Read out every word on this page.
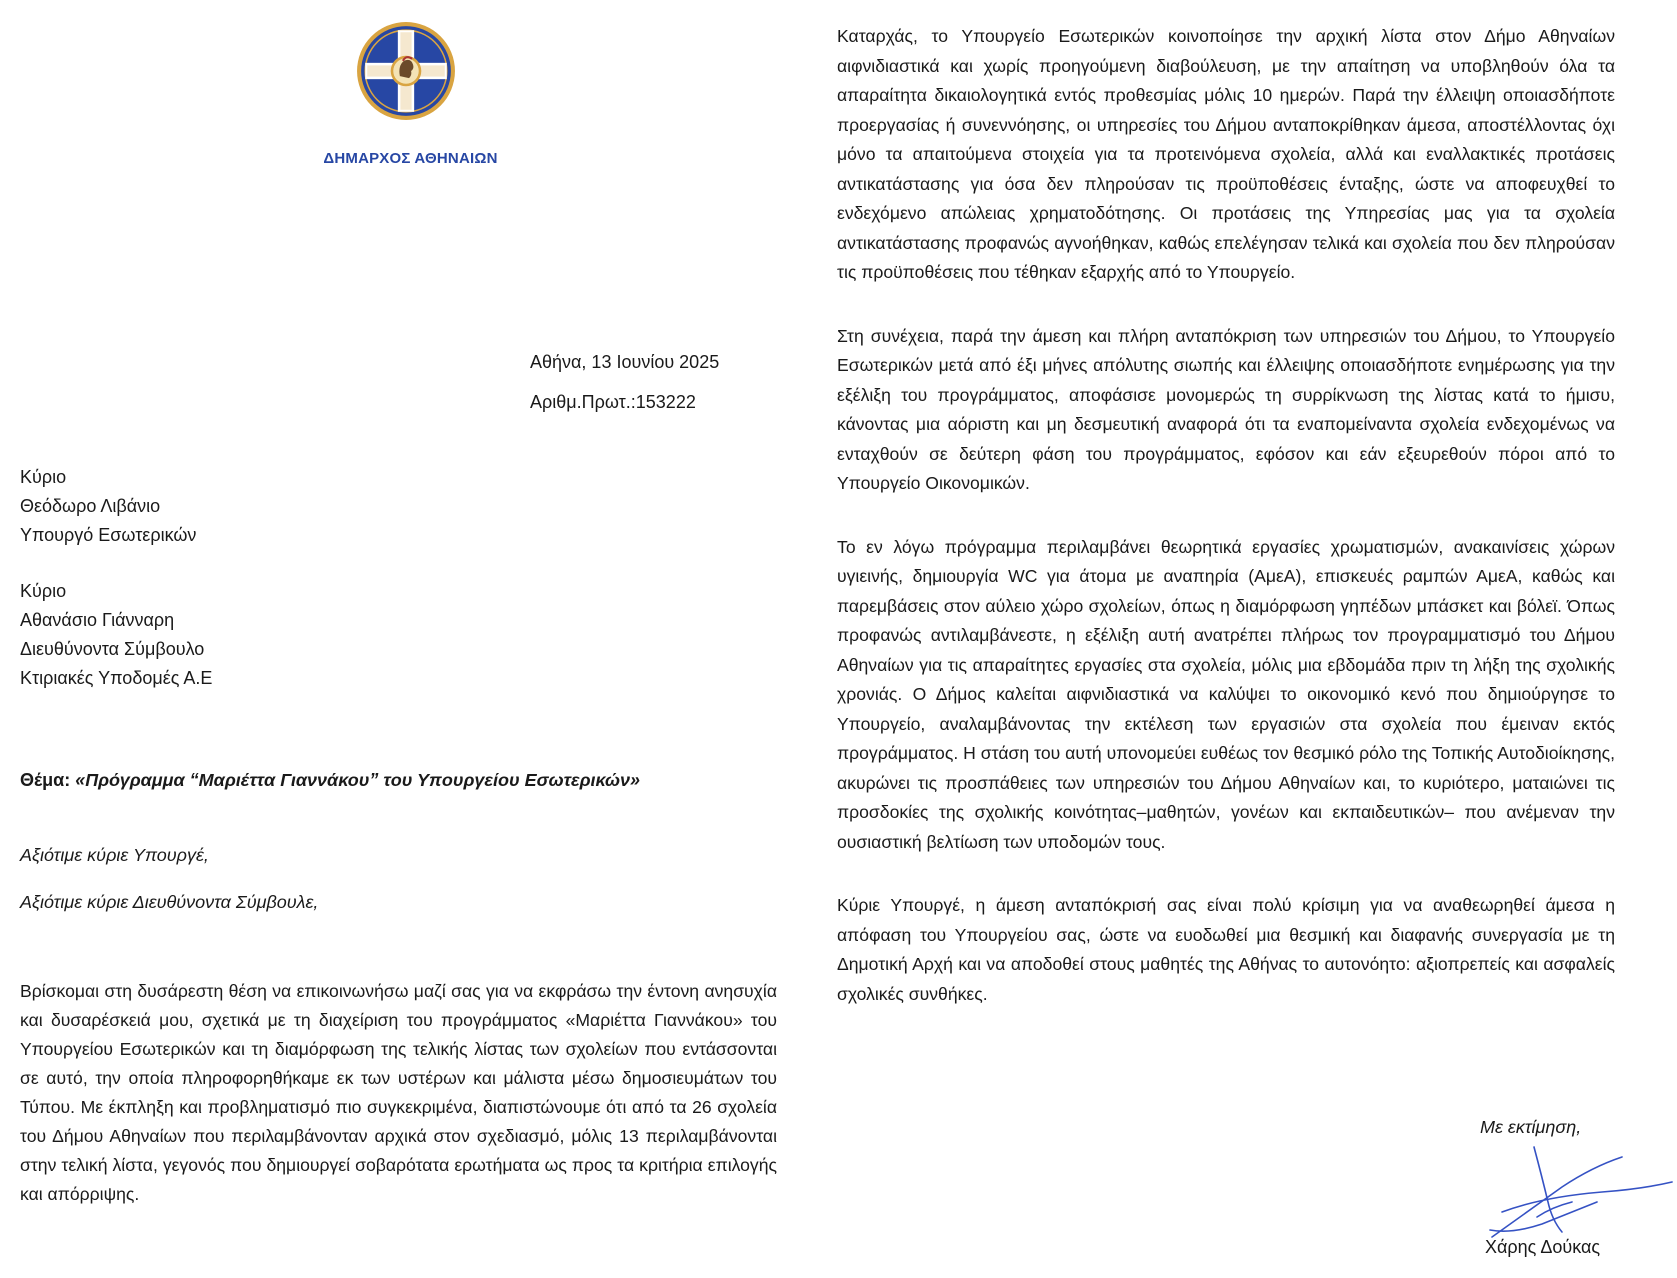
ΔΗΜΑΡΧΟΣ ΑΘΗΝΑΙΩΝ
Αθήνα, 13 Ιουνίου 2025
Αριθμ.Πρωτ.:153222
Κύριο
Θεόδωρο Λιβάνιο
Υπουργό Εσωτερικών
Κύριο
Αθανάσιο Γιάνναρη
Διευθύνοντα Σύμβουλο
Κτιριακές Υποδομές Α.Ε
Θέμα: «Πρόγραμμα “Μαριέττα Γιαννάκου” του Υπουργείου Εσωτερικών»
Αξιότιμε κύριε Υπουργέ,
Αξιότιμε κύριε Διευθύνοντα Σύμβουλε,
Βρίσκομαι στη δυσάρεστη θέση να επικοινωνήσω μαζί σας για να εκφράσω την έντονη ανησυχία και δυσαρέσκειά μου, σχετικά με τη διαχείριση του προγράμματος «Μαριέττα Γιαννάκου» του Υπουργείου Εσωτερικών και τη διαμόρφωση της τελικής λίστας των σχολείων που εντάσσονται σε αυτό, την οποία πληροφορηθήκαμε εκ των υστέρων και μάλιστα μέσω δημοσιευμάτων του Τύπου. Με έκπληξη και προβληματισμό πιο συγκεκριμένα, διαπιστώνουμε ότι από τα 26 σχολεία του Δήμου Αθηναίων που περιλαμβάνονταν αρχικά στον σχεδιασμό, μόλις 13 περιλαμβάνονται στην τελική λίστα, γεγονός που δημιουργεί σοβαρότατα ερωτήματα ως προς τα κριτήρια επιλογής και απόρριψης.

Καταρχάς, το Υπουργείο Εσωτερικών κοινοποίησε την αρχική λίστα στον Δήμο Αθηναίων αιφνιδιαστικά και χωρίς προηγούμενη διαβούλευση, με την απαίτηση να υποβληθούν όλα τα απαραίτητα δικαιολογητικά εντός προθεσμίας μόλις 10 ημερών. Παρά την έλλειψη οποιασδήποτε προεργασίας ή συνεννόησης, οι υπηρεσίες του Δήμου ανταποκρίθηκαν άμεσα, αποστέλλοντας όχι μόνο τα απαιτούμενα στοιχεία για τα προτεινόμενα σχολεία, αλλά και εναλλακτικές προτάσεις αντικατάστασης για όσα δεν πληρούσαν τις προϋποθέσεις ένταξης, ώστε να αποφευχθεί το ενδεχόμενο απώλειας χρηματοδότησης. Οι προτάσεις της Υπηρεσίας μας για τα σχολεία αντικατάστασης προφανώς αγνοήθηκαν, καθώς επελέγησαν τελικά και σχολεία που δεν πληρούσαν τις προϋποθέσεις που τέθηκαν εξαρχής από το Υπουργείο.

Στη συνέχεια, παρά την άμεση και πλήρη ανταπόκριση των υπηρεσιών του Δήμου, το Υπουργείο Εσωτερικών μετά από έξι μήνες απόλυτης σιωπής και έλλειψης οποιασδήποτε ενημέρωσης για την εξέλιξη του προγράμματος, αποφάσισε μονομερώς τη συρρίκνωση της λίστας κατά το ήμισυ, κάνοντας μια αόριστη και μη δεσμευτική αναφορά ότι τα εναπομείναντα σχολεία ενδεχομένως να ενταχθούν σε δεύτερη φάση του προγράμματος, εφόσον και εάν εξευρεθούν πόροι από το Υπουργείο Οικονομικών.

Το εν λόγω πρόγραμμα περιλαμβάνει θεωρητικά εργασίες χρωματισμών, ανακαινίσεις χώρων υγιεινής, δημιουργία WC για άτομα με αναπηρία (ΑμεΑ), επισκευές ραμπών ΑμεΑ, καθώς και παρεμβάσεις στον αύλειο χώρο σχολείων, όπως η διαμόρφωση γηπέδων μπάσκετ και βόλεϊ. Όπως προφανώς αντιλαμβάνεστε, η εξέλιξη αυτή ανατρέπει πλήρως τον προγραμματισμό του Δήμου Αθηναίων για τις απαραίτητες εργασίες στα σχολεία, μόλις μια εβδομάδα πριν τη λήξη της σχολικής χρονιάς. Ο Δήμος καλείται αιφνιδιαστικά να καλύψει το οικονομικό κενό που δημιούργησε το Υπουργείο, αναλαμβάνοντας την εκτέλεση των εργασιών στα σχολεία που έμειναν εκτός προγράμματος. Η στάση του αυτή υπονομεύει ευθέως τον θεσμικό ρόλο της Τοπικής Αυτοδιοίκησης, ακυρώνει τις προσπάθειες των υπηρεσιών του Δήμου Αθηναίων και, το κυριότερο, ματαιώνει τις προσδοκίες της σχολικής κοινότητας–μαθητών, γονέων και εκπαιδευτικών– που ανέμεναν την ουσιαστική βελτίωση των υποδομών τους.

Κύριε Υπουργέ, η άμεση ανταπόκρισή σας είναι πολύ κρίσιμη για να αναθεωρηθεί άμεσα η απόφαση του Υπουργείου σας, ώστε να ευοδωθεί μια θεσμική και διαφανής συνεργασία με τη Δημοτική Αρχή και να αποδοθεί στους μαθητές της Αθήνας το αυτονόητο: αξιοπρεπείς και ασφαλείς σχολικές συνθήκες.

Με εκτίμηση,
Χάρης Δούκας
